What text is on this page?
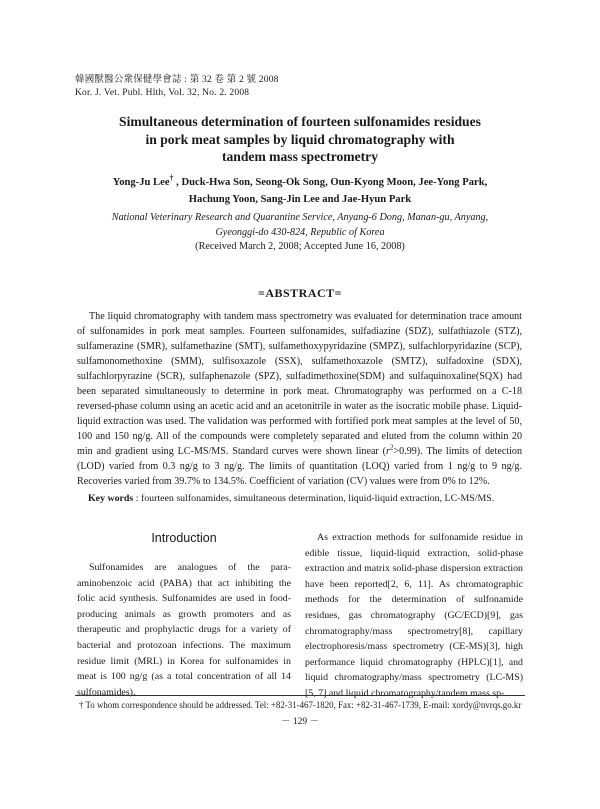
韓國獸醫公衆保健學會誌 : 第 32 卷 第 2 號 2008
Kor. J. Vet. Publ. Hlth, Vol. 32, No. 2. 2008
Simultaneous determination of fourteen sulfonamides residues
in pork meat samples by liquid chromatography with
tandem mass spectrometry
Yong-Ju Lee† , Duck-Hwa Son, Seong-Ok Song, Oun-Kyong Moon, Jee-Yong Park,
Hachung Yoon, Sang-Jin Lee and Jae-Hyun Park
National Veterinary Research and Quarantine Service, Anyang-6 Dong, Manan-gu, Anyang,
Gyeonggi-do 430-824, Republic of Korea
(Received March 2, 2008; Accepted June 16, 2008)
=ABSTRACT=

The liquid chromatography with tandem mass spectrometry was evaluated for determination trace amount of sulfonamides in pork meat samples. Fourteen sulfonamides, sulfadiazine (SDZ), sulfathiazole (STZ), sulfamerazine (SMR), sulfamethazine (SMT), sulfamethoxypyridazine (SMPZ), sulfachlorpyridazine (SCP), sulfamonomethoxine (SMM), sulfisoxazole (SSX), sulfamethoxazole (SMTZ), sulfadoxine (SDX), sulfachlorpyrazine (SCR), sulfaphenazole (SPZ), sulfadimethoxine(SDM) and sulfaquinoxaline(SQX) had been separated simultaneously to determine in pork meat. Chromatography was performed on a C-18 reversed-phase column using an acetic acid and an acetonitrile in water as the isocratic mobile phase. Liquid-liquid extraction was used. The validation was performed with fortified pork meat samples at the level of 50, 100 and 150 ng/g. All of the compounds were completely separated and eluted from the column within 20 min and gradient using LC-MS/MS. Standard curves were shown linear $(r^2>0.99)$. The limits of detection (LOD) varied from 0.3 ng/g to 3 ng/g. The limits of quantitation (LOQ) varied from 1 ng/g to 9 ng/g. Recoveries varied from 39.7% to 134.5%. Coefficient of variation (CV) values were from 0% to 12%.

Key words : fourteen sulfonamides, simultaneous determination, liquid-liquid extraction, LC-MS/MS.
Introduction

Sulfonamides are analogues of the para-aminobenzoic acid (PABA) that act inhibiting the folic acid synthesis. Sulfonamides are used in food-producing animals as growth promoters and as therapeutic and prophylactic drugs for a variety of bacterial and protozoan infections. The maximum residue limit (MRL) in Korea for sulfonamides in meat is 100 ng/g (as a total concentration of all 14 sulfonamides).

As extraction methods for sulfonamide residue in edible tissue, liquid-liquid extraction, solid-phase extraction and matrix solid-phase dispersion extraction have been reported[2, 6, 11]. As chromatographic methods for the determination of sulfonamide residues, gas chromatography (GC/ECD)[9], gas chromatography/mass spectrometry[8], capillary electrophoresis/mass spectrometry (CE-MS)[3], high performance liquid chromatography (HPLC)[1], and liquid chromatography/mass spectrometry (LC-MS) [5, 7] and liquid chromatography/tandem mass sp-

† To whom correspondence should be addressed. Tel: +82-31-467-1820, Fax: +82-31-467-1739, E-mail: xordy@nvrqs.go.kr
－ 129 －
